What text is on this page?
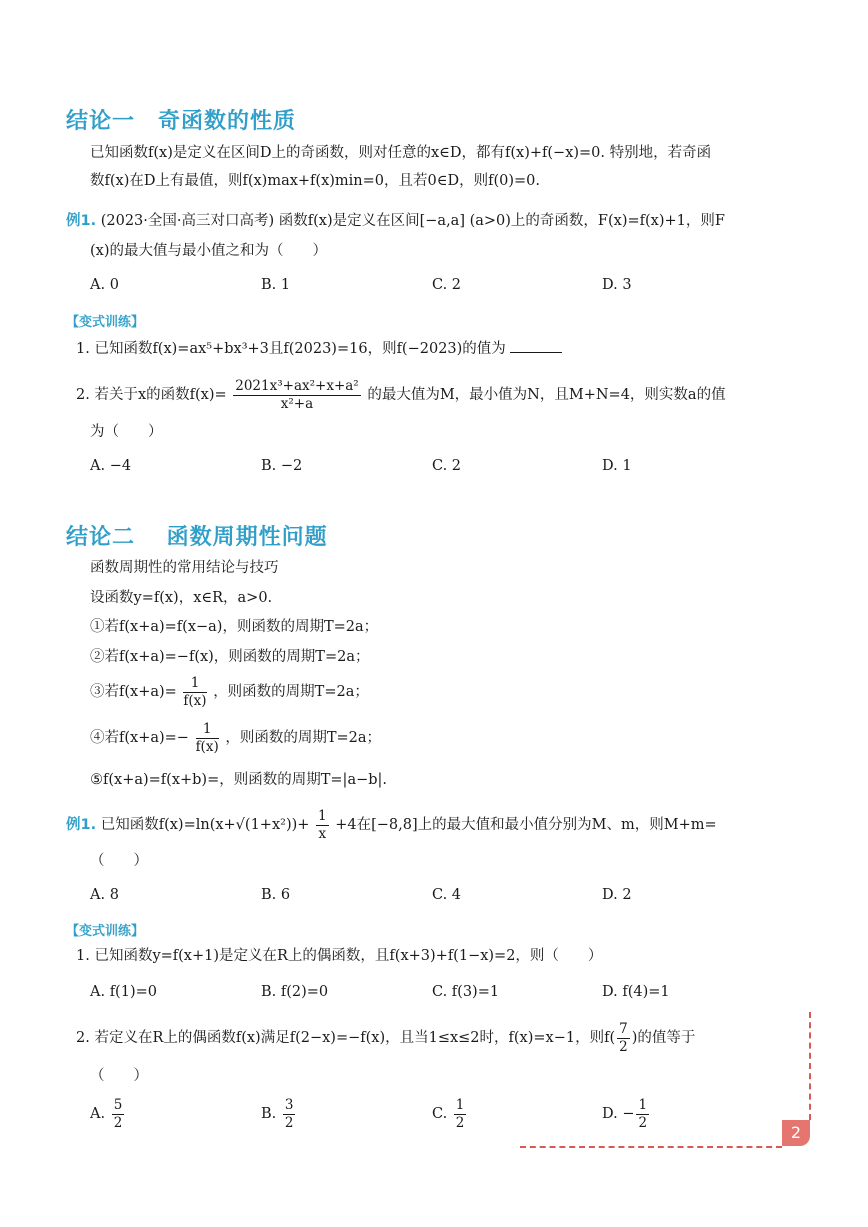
结论一　奇函数的性质
已知函数f(x)是定义在区间D上的奇函数，则对任意的x∈D，都有f(x)+f(−x)=0. 特别地，若奇函
数f(x)在D上有最值，则f(x)max+f(x)min=0，且若0∈D，则f(0)=0.
例1. (2023·全国·高三对口高考) 函数f(x)是定义在区间[−a,a] (a>0)上的奇函数，F(x)=f(x)+1，则F
(x)的最大值与最小值之和为（　　）
A. 0	B. 1	C. 2	D. 3
【变式训练】
1. 已知函数f(x)=ax⁵+bx³+3且f(2023)=16，则f(−2023)的值为
2. 若关于x的函数$f(x)= \frac{\text{2021x³+ax²+x+a²}}{\text{x²+a}}$ 的最大值为M，最小值为N，且M+N=4，则实数a的值
为（　　）
A. −4	B. −2	C. 2	D. 1
结论二　 函数周期性问题
函数周期性的常用结论与技巧
设函数y=f(x)，x∈R，a>0.
①若f(x+a)=f(x−a)，则函数的周期T=2a；
②若f(x+a)=−f(x)，则函数的周期T=2a；
③若$f(x+a)= \frac{1}{f(x)}$ ，则函数的周期T=2a；
④若$f(x+a)=- \frac{1}{f(x)}$ ，则函数的周期T=2a；
⑤f(x+a)=f(x+b)=，则函数的周期T=|a−b|.
例1. 已知函数$f(x)=\ln(x+√(1+x^2))+ \frac{1}{x} +4$在[−8,8]上的最大值和最小值分别为M、m，则M+m=
（　　）
A. 8	B. 6	C. 4	D. 2
【变式训练】
1. 已知函数y=f(x+1)是定义在R上的偶函数，且f(x+3)+f(1−x)=2，则（　　）
A. f(1)=0	B. f(2)=0	C. f(3)=1	D. f(4)=1
2. 若定义在R上的偶函数f(x)满足f(2−x)=−f(x)，且当1≤x≤2时，f(x)=x−1，则$f( \frac{7}{2}$ )的值等于
（　　）
A. $\frac{5}{2}$	B. $\frac{3}{2}$	C. $\frac{1}{2}$	D. − $\frac{1}{2}$
2
